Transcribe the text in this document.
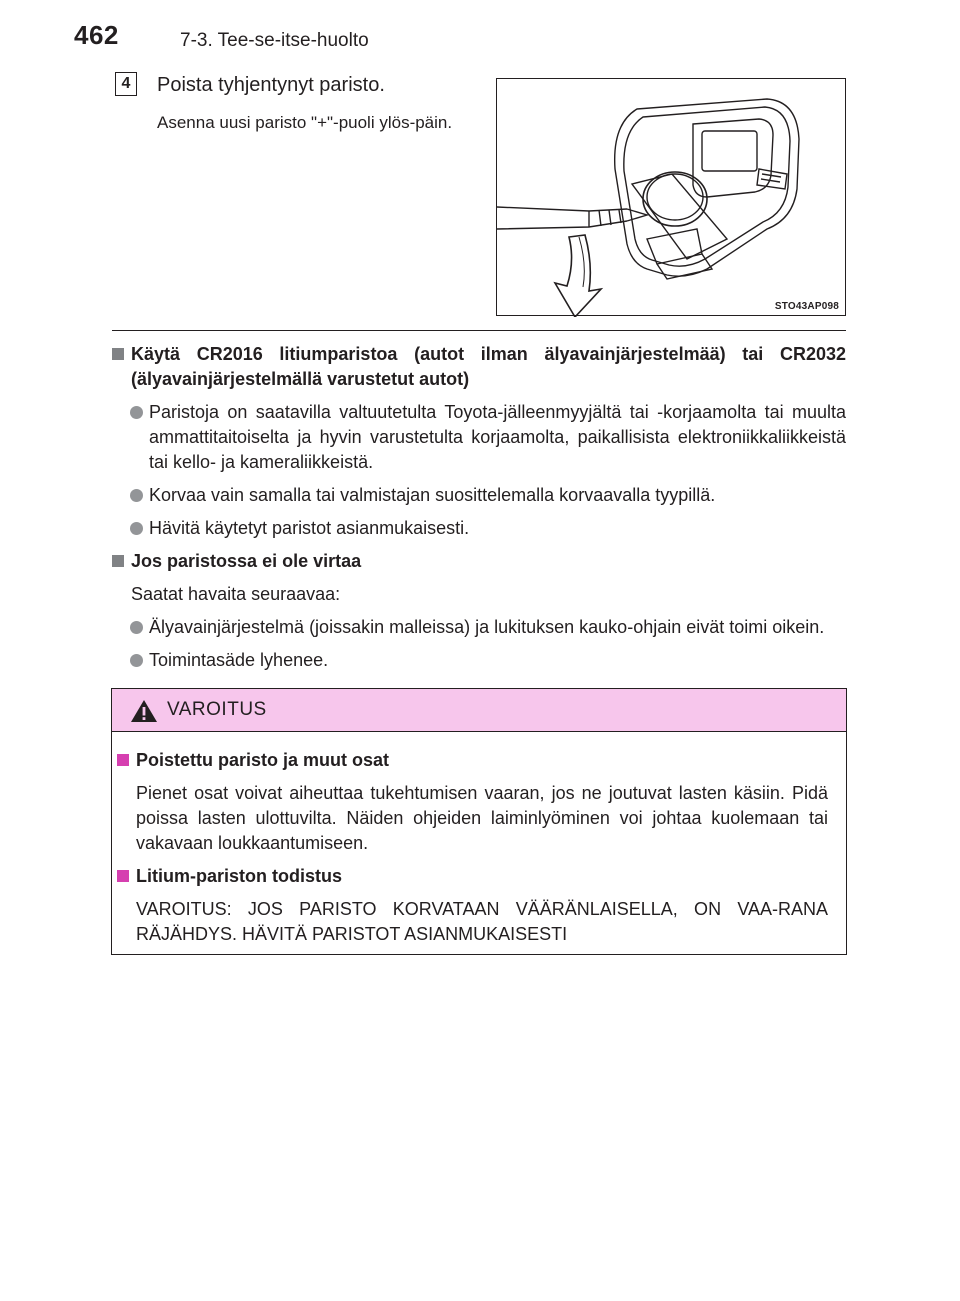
462	7-3. Tee-se-itse-huolto
4	Poista tyhjentynyt paristo.
Asenna uusi paristo "+"-puoli ylös-päin.
STO43AP098
Käytä CR2016 litiumparistoa (autot ilman älyavainjärjestelmää) tai CR2032 (älyavainjärjestelmällä varustetut autot)
Paristoja on saatavilla valtuutetulta Toyota-jälleenmyyjältä tai -korjaamolta tai muulta ammattitaitoiselta ja hyvin varustetulta korjaamolta, paikallisista elektroniikkaliikkeistä tai kello- ja kameraliikkeistä.
Korvaa vain samalla tai valmistajan suosittelemalla korvaavalla tyypillä.
Hävitä käytetyt paristot asianmukaisesti.
Jos paristossa ei ole virtaa
Saatat havaita seuraavaa:
Älyavainjärjestelmä (joissakin malleissa) ja lukituksen kauko-ohjain eivät toimi oikein.
Toimintasäde lyhenee.
VAROITUS
Poistettu paristo ja muut osat
Pienet osat voivat aiheuttaa tukehtumisen vaaran, jos ne joutuvat lasten käsiin. Pidä poissa lasten ulottuvilta. Näiden ohjeiden laiminlyöminen voi johtaa kuolemaan tai vakavaan loukkaantumiseen.
Litium-pariston todistus
VAROITUS: JOS PARISTO KORVATAAN VÄÄRÄNLAISELLA, ON VAA-RANA RÄJÄHDYS. HÄVITÄ PARISTOT ASIANMUKAISESTI
